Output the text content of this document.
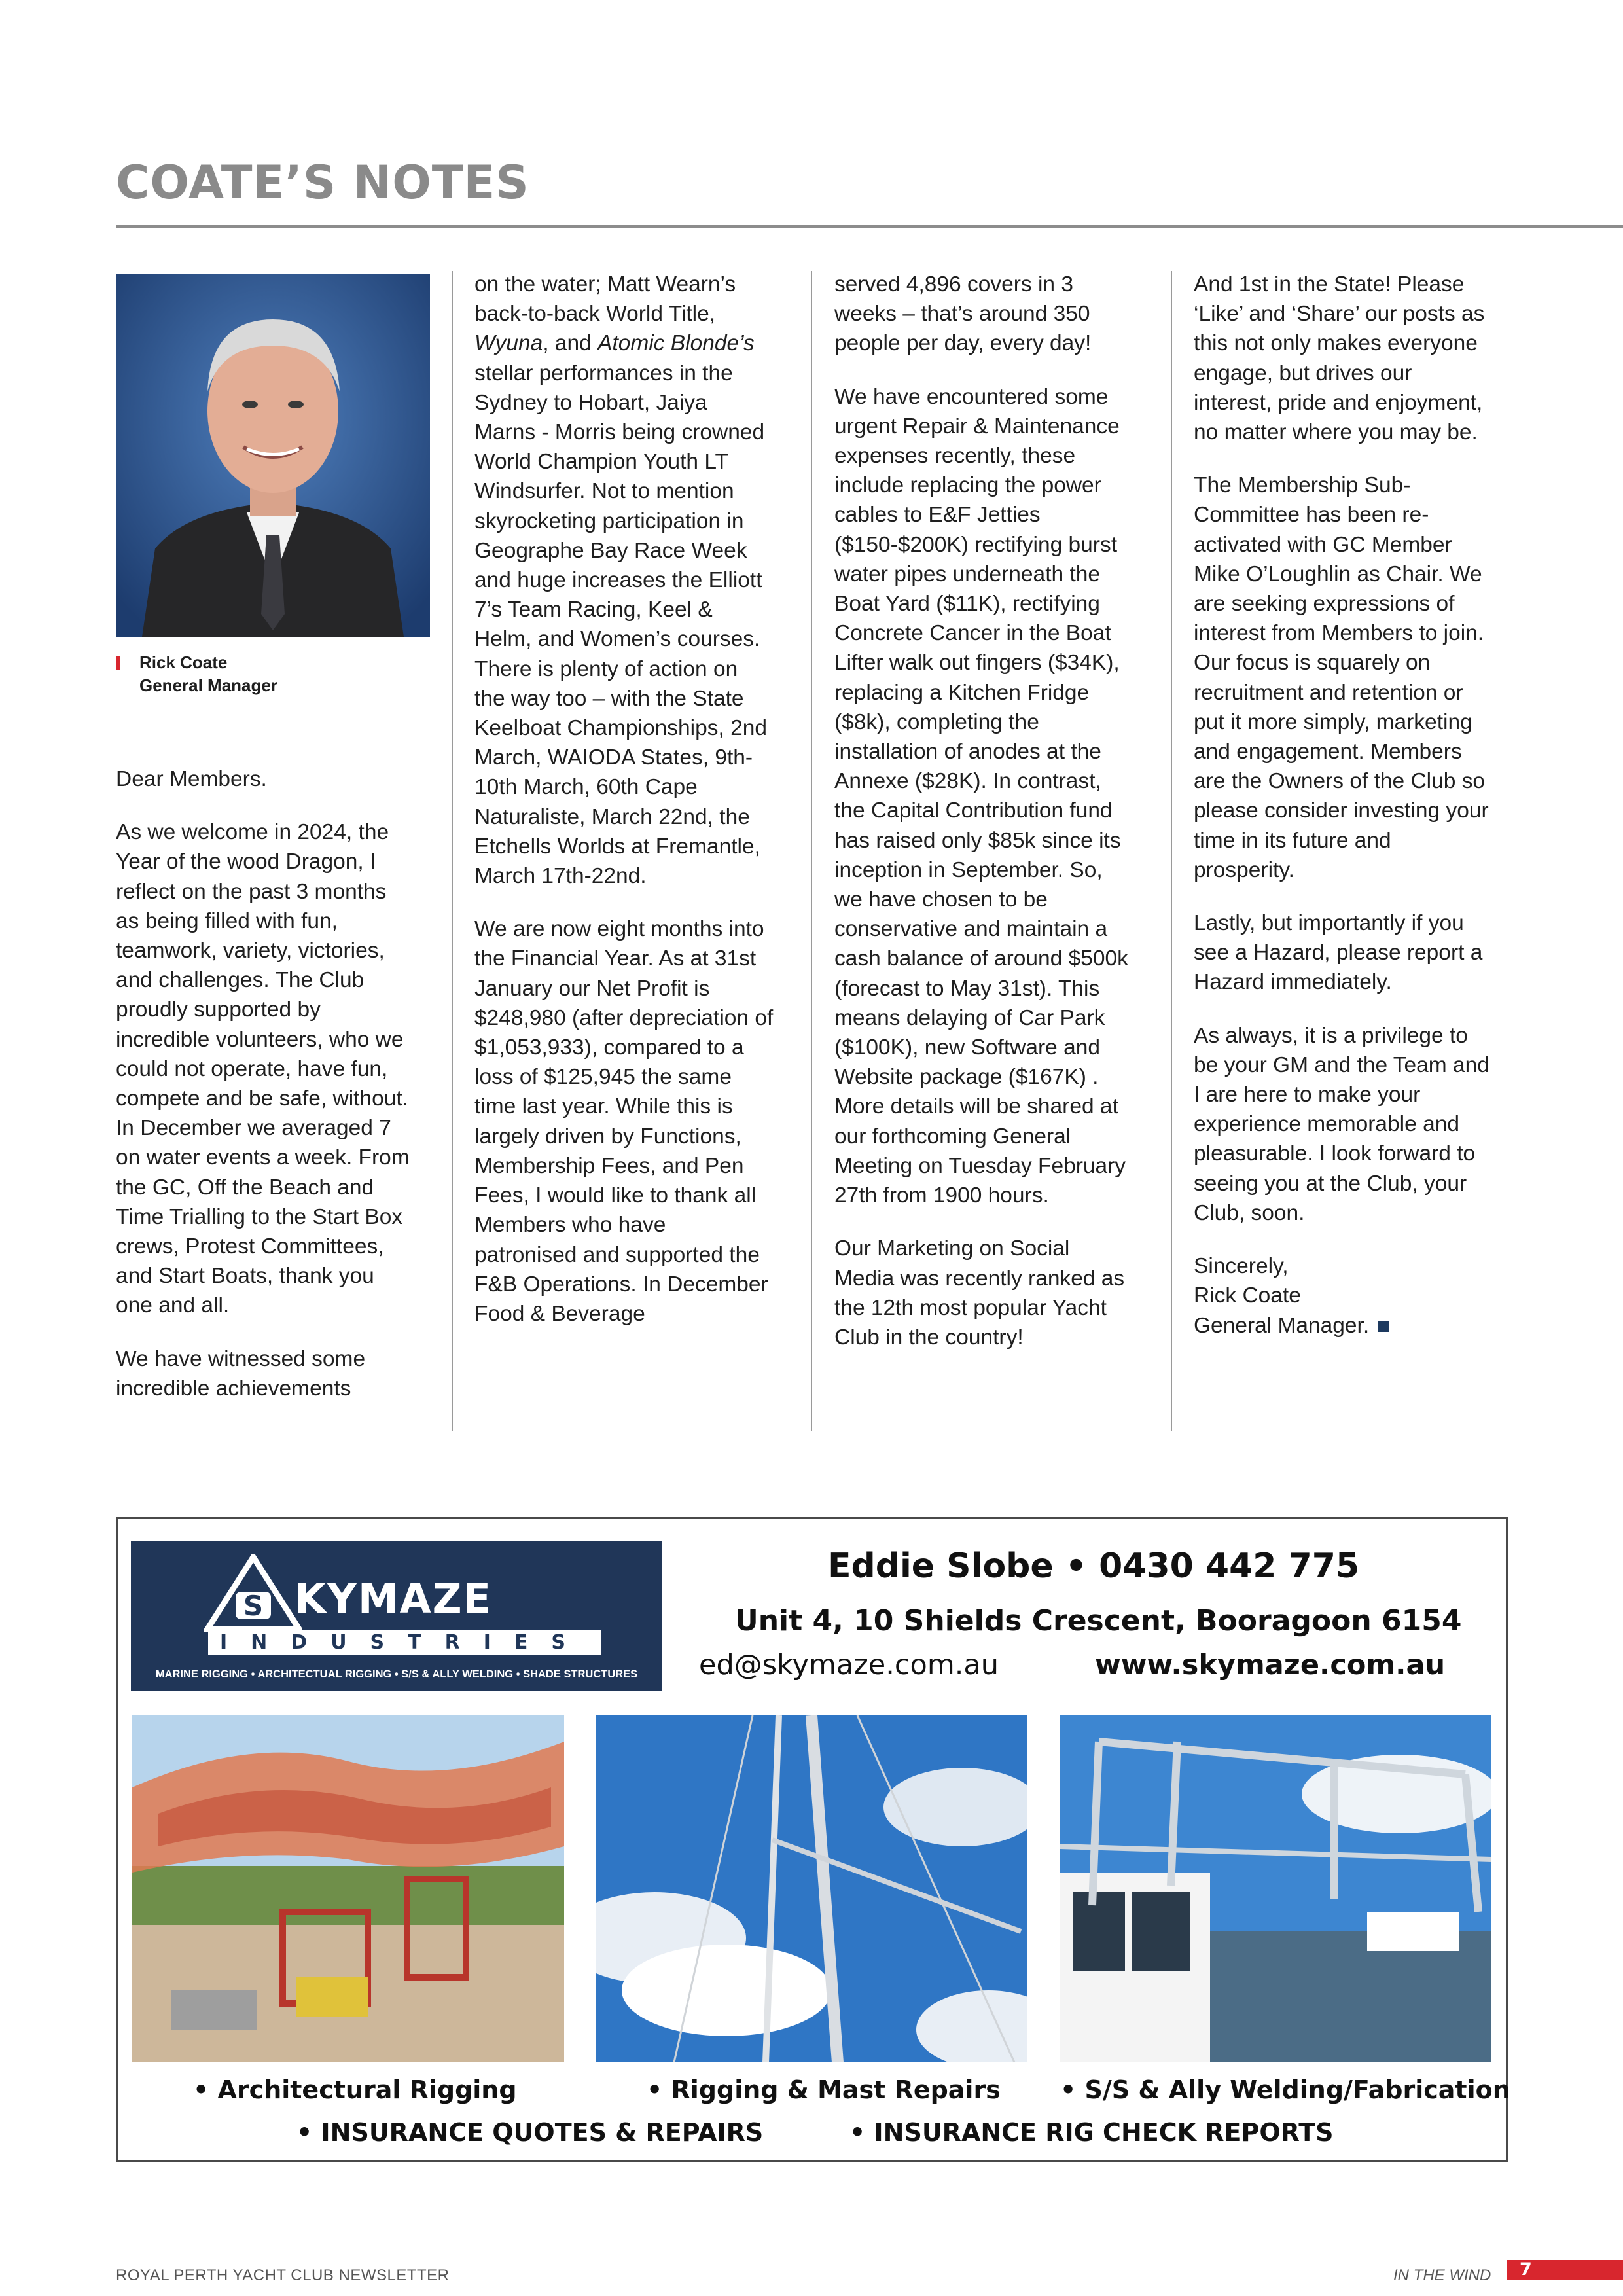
COATE’S NOTES
Rick Coate
General Manager

Dear Members.

As we welcome in 2024, the Year of the wood Dragon, I reflect on the past 3 months as being filled with fun, teamwork, variety, victories, and challenges. The Club proudly supported by incredible volunteers, who we could not operate, have fun, compete and be safe, without. In December we averaged 7 on water events a week. From the GC, Off the Beach and Time Trialling to the Start Box crews, Protest Committees, and Start Boats, thank you one and all.

We have witnessed some incredible achievements

on the water; Matt Wearn’s back-to-back World Title, Wyuna, and Atomic Blonde’s stellar performances in the Sydney to Hobart, Jaiya Marns - Morris being crowned World Champion Youth LT Windsurfer. Not to mention skyrocketing participation in Geographe Bay Race Week and huge increases the Elliott 7’s Team Racing, Keel & Helm, and Women’s courses. There is plenty of action on the way too – with the State Keelboat Championships, 2nd March, WAIODA States, 9th-10th March, 60th Cape Naturaliste, March 22nd, the Etchells Worlds at Fremantle, March 17th-22nd.

We are now eight months into the Financial Year. As at 31st January our Net Profit is $248,980 (after depreciation of $1,053,933), compared to a loss of $125,945 the same time last year. While this is largely driven by Functions, Membership Fees, and Pen Fees, I would like to thank all Members who have patronised and supported the F&B Operations. In December Food & Beverage

served 4,896 covers in 3 weeks – that’s around 350 people per day, every day!

We have encountered some urgent Repair & Maintenance expenses recently, these include replacing the power cables to E&F Jetties ($150-$200K) rectifying burst water pipes underneath the Boat Yard ($11K), rectifying Concrete Cancer in the Boat Lifter walk out fingers ($34K), replacing a Kitchen Fridge ($8k), completing the installation of anodes at the Annexe ($28K). In contrast, the Capital Contribution fund has raised only $85k since its inception in September. So, we have chosen to be conservative and maintain a cash balance of around $500k (forecast to May 31st). This means delaying of Car Park ($100K), new Software and Website package ($167K) . More details will be shared at our forthcoming General Meeting on Tuesday February 27th from 1900 hours.

Our Marketing on Social Media was recently ranked as the 12th most popular Yacht Club in the country!

And 1st in the State! Please ‘Like’ and ‘Share’ our posts as this not only makes everyone engage, but drives our interest, pride and enjoyment, no matter where you may be.

The Membership Sub-Committee has been re-activated with GC Member Mike O’Loughlin as Chair. We are seeking expressions of interest from Members to join. Our focus is squarely on recruitment and retention or put it more simply, marketing and engagement. Members are the Owners of the Club so please consider investing your time in its future and prosperity.

Lastly, but importantly if you see a Hazard, please report a Hazard immediately.

As always, it is a privilege to be your GM and the Team and I are here to make your experience memorable and pleasurable. I look forward to seeing you at the Club, your Club, soon.

Sincerely,
Rick Coate
General Manager.

S KYMAZE
INDUSTRIES
MARINE RIGGING • ARCHITECTUAL RIGGING • S/S & ALLY WELDING • SHADE STRUCTURES
Eddie Slobe • 0430 442 775
Unit 4, 10 Shields Crescent, Booragoon 6154
ed@skymaze.com.au	www.skymaze.com.au
• Architectural Rigging	• Rigging & Mast Repairs • S/S & Ally Welding/Fabrication
• INSURANCE QUOTES & REPAIRS	• INSURANCE RIG CHECK REPORTS
ROYAL PERTH YACHT CLUB NEWSLETTER	IN THE WIND 7
